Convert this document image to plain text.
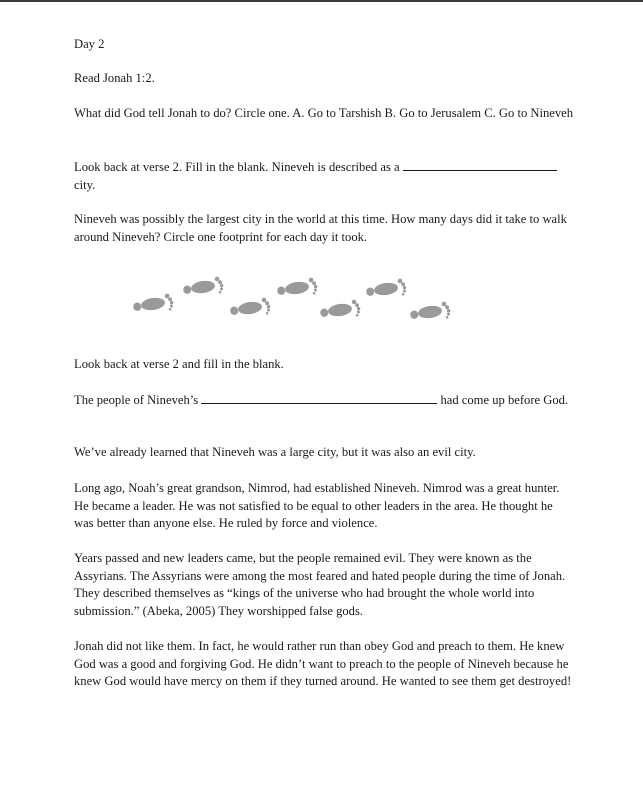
Day 2

Read Jonah 1:2.

What did God tell Jonah to do? Circle one. A. Go to Tarshish B. Go to Jerusalem C. Go to Nineveh

Look back at verse 2. Fill in the blank. Nineveh is described as a
city.

Nineveh was possibly the largest city in the world at this time. How many days did it take to walk around Nineveh? Circle one footprint for each day it took.

Look back at verse 2 and fill in the blank.

The people of Nineveh’s	had come up before God.

We’ve already learned that Nineveh was a large city, but it was also an evil city.

Long ago, Noah’s great grandson, Nimrod, had established Nineveh. Nimrod was a great hunter. He became a leader. He was not satisfied to be equal to other leaders in the area. He thought he was better than anyone else. He ruled by force and violence.

Years passed and new leaders came, but the people remained evil. They were known as the Assyrians. The Assyrians were among the most feared and hated people during the time of Jonah. They described themselves as “kings of the universe who had brought the whole world into submission.” (Abeka, 2005) They worshipped false gods.

Jonah did not like them. In fact, he would rather run than obey God and preach to them. He knew God was a good and forgiving God. He didn’t want to preach to the people of Nineveh because he knew God would have mercy on them if they turned around. He wanted to see them get destroyed!
